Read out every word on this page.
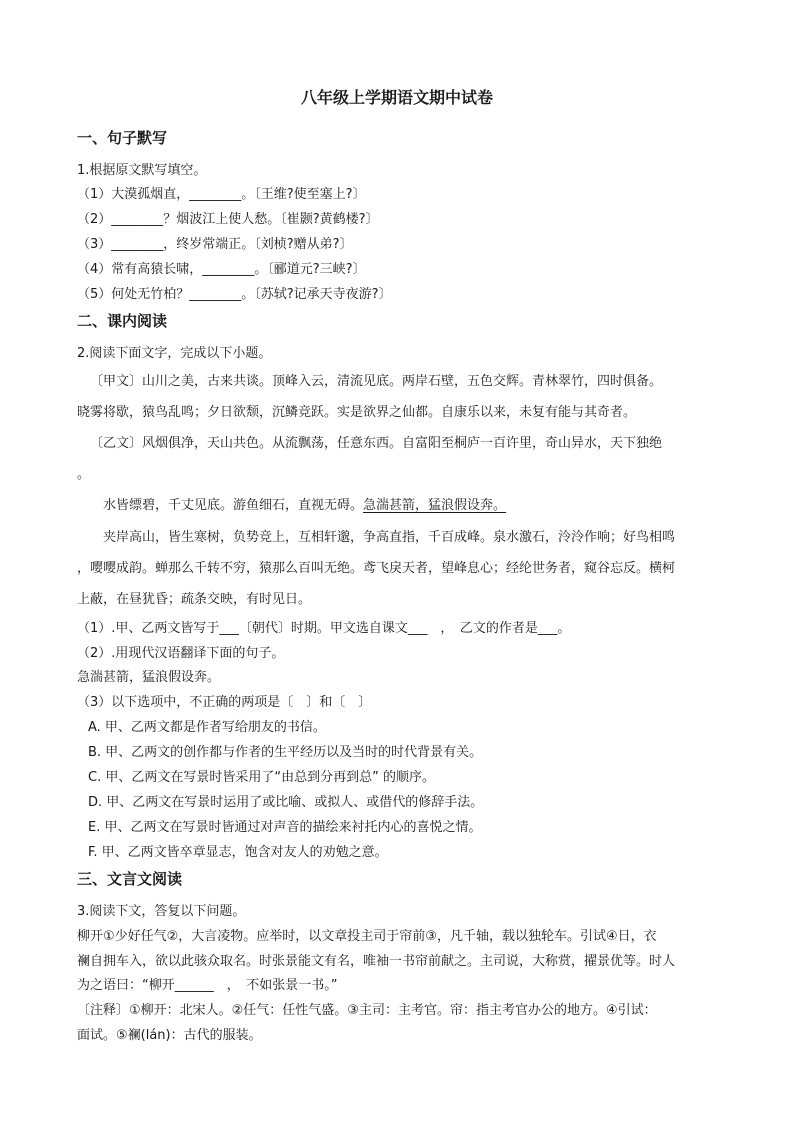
八年级上学期语文期中试卷
一、句子默写
1.根据原文默写填空。
（1）大漠孤烟直，________。〔王维?使至塞上?〕
（2）________？烟波江上使人愁。〔崔颢?黄鹤楼?〕
（3）________，终岁常端正。〔刘桢?赠从弟?〕
（4）常有高猿长啸，________。〔郦道元?三峡?〕
（5）何处无竹柏？________。〔苏轼?记承天寺夜游?〕
二、课内阅读
2.阅读下面文字，完成以下小题。
〔甲文〕山川之美，古来共谈。顶峰入云，清流见底。两岸石壁，五色交辉。青林翠竹，四时俱备。
晓雾将歇，猿鸟乱鸣；夕日欲颓，沉鳞竞跃。实是欲界之仙都。自康乐以来，未复有能与其奇者。
〔乙文〕风烟俱净，天山共色。从流飘荡，任意东西。自富阳至桐庐一百许里，奇山异水，天下独绝
。
水皆缥碧，千丈见底。游鱼细石，直视无碍。急湍甚箭，猛浪假设奔。
夹岸高山，皆生寒树，负势竞上，互相轩邈，争高直指，千百成峰。泉水激石，泠泠作响；好鸟相鸣
，嘤嘤成韵。蝉那么千转不穷，猿那么百叫无绝。鸢飞戾天者，望峰息心；经纶世务者，窥谷忘反。横柯
上蔽，在昼犹昏；疏条交映，有时见日。
（1）.甲、乙两文皆写于___〔朝代〕时期。甲文选自课文___　，　乙文的作者是___。
（2）.用现代汉语翻译下面的句子。
急湍甚箭，猛浪假设奔。
（3）以下选项中，不正确的两项是〔　〕和〔　〕
A. 甲、乙两文都是作者写给朋友的书信。
B. 甲、乙两文的创作都与作者的生平经历以及当时的时代背景有关。
C. 甲、乙两文在写景时皆采用了“由总到分再到总” 的顺序。
D. 甲、乙两文在写景时运用了或比喻、或拟人、或借代的修辞手法。
E. 甲、乙两文在写景时皆通过对声音的描绘来衬托内心的喜悦之情。
F. 甲、乙两文皆卒章显志，饱含对友人的劝勉之意。
三、文言文阅读
3.阅读下文，答复以下问题。
柳开①少好任气②，大言凌物。应举时，以文章投主司于帘前③，凡千轴，载以独轮车。引试④日，衣
襕自拥车入，欲以此骇众取名。时张景能文有名，唯袖一书帘前献之。主司说，大称赏，擢景优等。时人
为之语曰：“柳开______　，　不如张景一书。”
〔注释〕①柳开：北宋人。②任气：任性气盛。③主司：主考官。帘：指主考官办公的地方。④引试：
面试。⑤襕(lán)：古代的服装。
